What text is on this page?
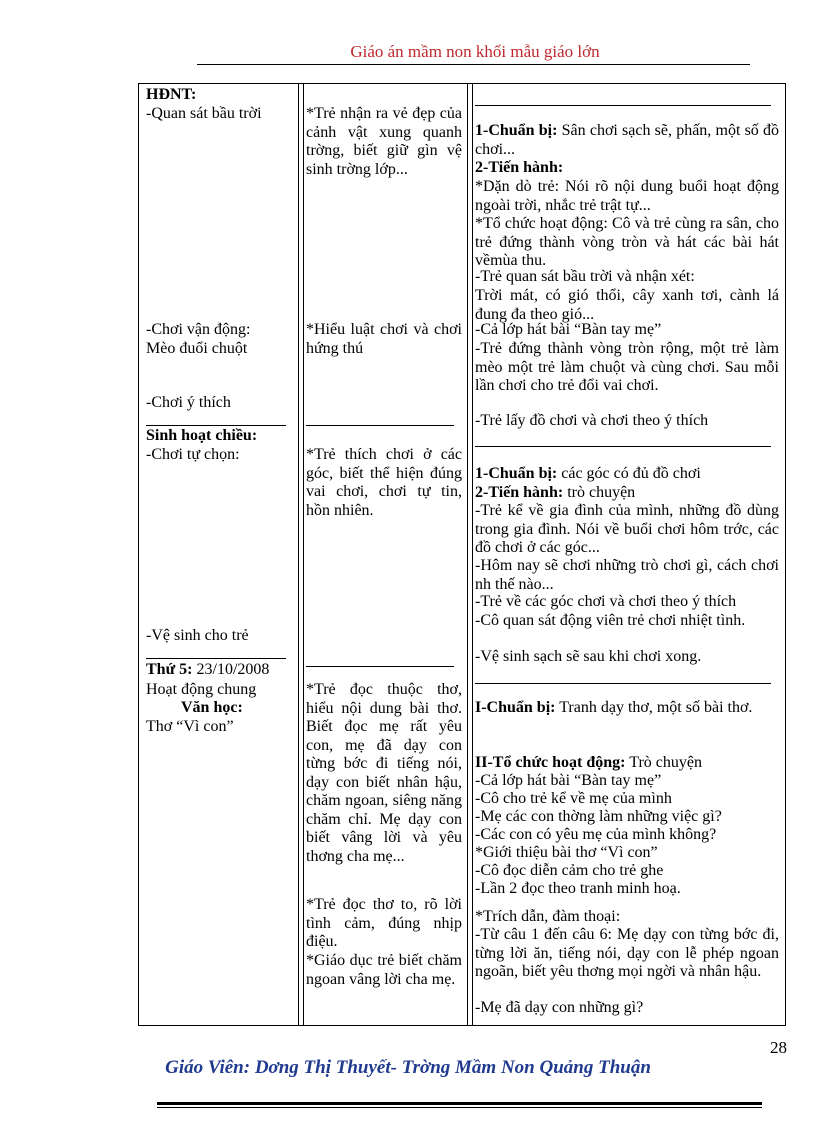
Giáo án mầm non khối mẫu giáo lớn
HĐNT:
-Quan sát bầu trời
-Chơi vận động:
Mèo đuổi chuột
-Chơi ý thích
Sinh hoạt chiều:
-Chơi tự chọn:
-Vệ sinh cho trẻ
Thứ 5: 23/10/2008
Hoạt động chung
Văn học:
Thơ “Vì con”
*Trẻ nhận ra vẻ đẹp của cảnh vật xung quanh trờng, biết giữ gìn vệ sinh trờng lớp...
*Hiểu luật chơi và chơi hứng thú
*Trẻ thích chơi ở các góc, biết thể hiện đúng vai chơi, chơi tự tin, hồn nhiên.
*Trẻ đọc thuộc thơ, hiểu nội dung bài thơ. Biết đọc mẹ rất yêu con, mẹ đã dạy con từng bớc đi tiếng nói, dạy con biết nhân hậu, chăm ngoan, siêng năng chăm chỉ. Mẹ dạy con biết vâng lời và yêu thơng cha mẹ...
*Trẻ đọc thơ to, rõ lời tình cảm, đúng nhịp điệu.
*Giáo dục trẻ biết chăm ngoan vâng lời cha mẹ.
1-Chuẩn bị: Sân chơi sạch sẽ, phấn, một số đồ chơi...
2-Tiến hành:
*Dặn dò trẻ: Nói rõ nội dung buổi hoạt động ngoài trời, nhắc trẻ trật tự...
*Tổ chức hoạt động: Cô và trẻ cùng ra sân, cho trẻ đứng thành vòng tròn và hát các bài hát vềmùa thu.
-Trẻ quan sát bầu trời và nhận xét:
Trời mát, có gió thổi, cây xanh tơi, cành lá đung đa theo gió...
-Cả lớp hát bài “Bàn tay mẹ”
-Trẻ đứng thành vòng tròn rộng, một trẻ làm mèo một trẻ làm chuột và cùng chơi. Sau mỗi lần chơi cho trẻ đổi vai chơi.
-Trẻ lấy đồ chơi và chơi theo ý thích
1-Chuẩn bị: các góc có đủ đồ chơi
2-Tiến hành: trò chuyện
-Trẻ kể về gia đình của mình, những đồ dùng trong gia đình. Nói về buổi chơi hôm trớc, các đồ chơi ở các góc...
-Hôm nay sẽ chơi những trò chơi gì, cách chơi nh thế nào...
-Trẻ về các góc chơi và chơi theo ý thích
-Cô quan sát động viên trẻ chơi nhiệt tình.
-Vệ sinh sạch sẽ sau khi chơi xong.
I-Chuẩn bị: Tranh dạy thơ, một số bài thơ.
II-Tổ chức hoạt động: Trò chuyện
-Cả lớp hát bài “Bàn tay mẹ”
-Cô cho trẻ kể về mẹ của mình
-Mẹ các con thờng làm những việc gì?
-Các con có yêu mẹ của mình không?
*Giới thiệu bài thơ “Vì con”
-Cô đọc diễn cảm cho trẻ ghe
-Lần 2 đọc theo tranh minh hoạ.
*Trích dẫn, đàm thoại:
-Từ câu 1 đến câu 6: Mẹ dạy con từng bớc đi, từng lời ăn, tiếng nói, dạy con lễ phép ngoan ngoãn, biết yêu thơng mọi ngời và nhân hậu.
-Mẹ đã dạy con những gì?
28
Giáo Viên: Dơng Thị Thuyết- Trờng Mầm Non Quảng Thuận
